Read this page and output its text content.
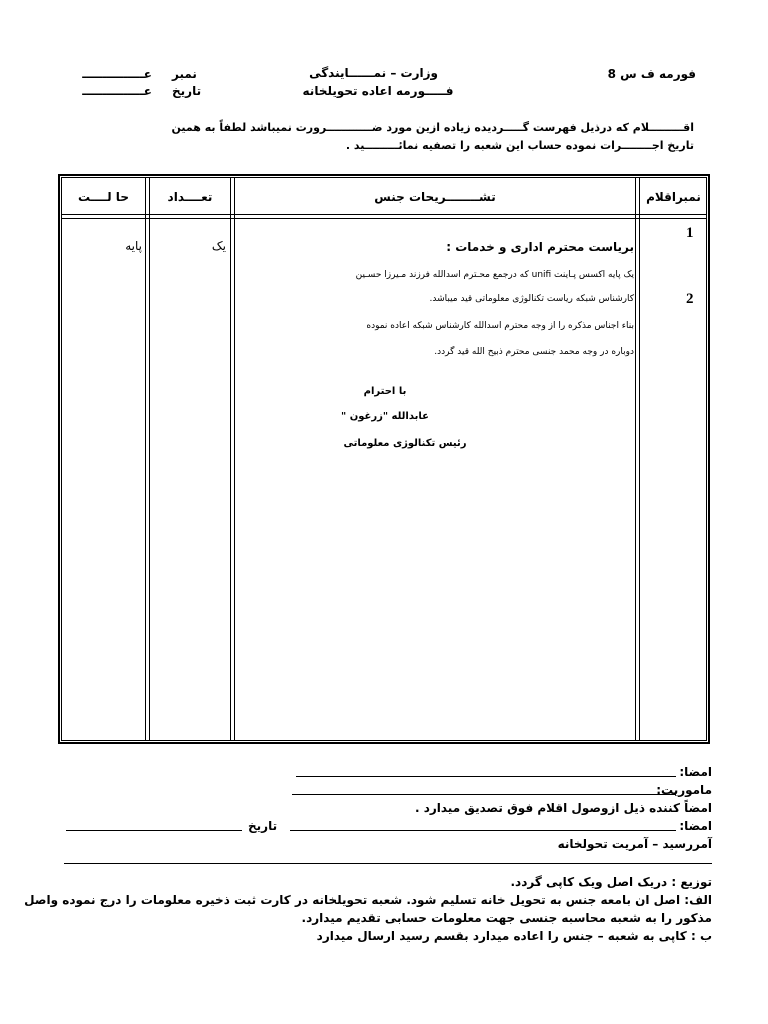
فورمه ف س 8
وزارت – نمــــــايندگی
فـــــورمه اعاده تحويلخانه
نمبر
عـــــــــــــــ
تاريخ
عـــــــــــــــ
اقـــــــــلام که درذيل فهرست گـــــرديده زياده ازين مورد ضــــــــــــرورت نميباشد لطفاً به همين
تاريخ اجــــــــرات نموده حساب اين شعبه را تصفيه نمائـــــــــيد .
نمبراقلام
تشــــــــريحات جنس
تعــــداد
حا لــــت
1
2
يک
پايه	بریاست محترم اداری و خدمات :
یک پایه اکسس پـاینت unifi که درجمع محـترم اسدالله فرزند مـیرزا حسـین
کارشناس شبکه ریاست تکنالوژی معلوماتی قید میباشد.
بناء اجناس مذکره را از وجه محترم اسدالله کارشناس شبکه اعاده نموده
دوباره در وجه محمد جنسی محترم ذبیح الله قید گردد.
با احترام
عابدالله "زرغون "
رئیس تکنالوژی معلوماتی
امضا:
ماموریت:
امضاً کننده ذيل ازوصول اقلام فوق تصديق ميدارد .
امضا:
تاريخ
آمررسيد – آمريت تحولخانه
توزيع : دريک اصل ويک کاپی گردد.
الف: اصل ان بامعه جنس به تحويل خانه تسليم شود. شعبه تحويلخانه در کارت ثبت ذخيره معلومات را درج نموده واصل
مذکور را به شعبه محاسبه جنسی جهت معلومات حسابی تقديم ميدارد.
ب : کاپی به شعبه – جنس را اعاده ميدارد بقسم رسيد ارسال ميدارد
